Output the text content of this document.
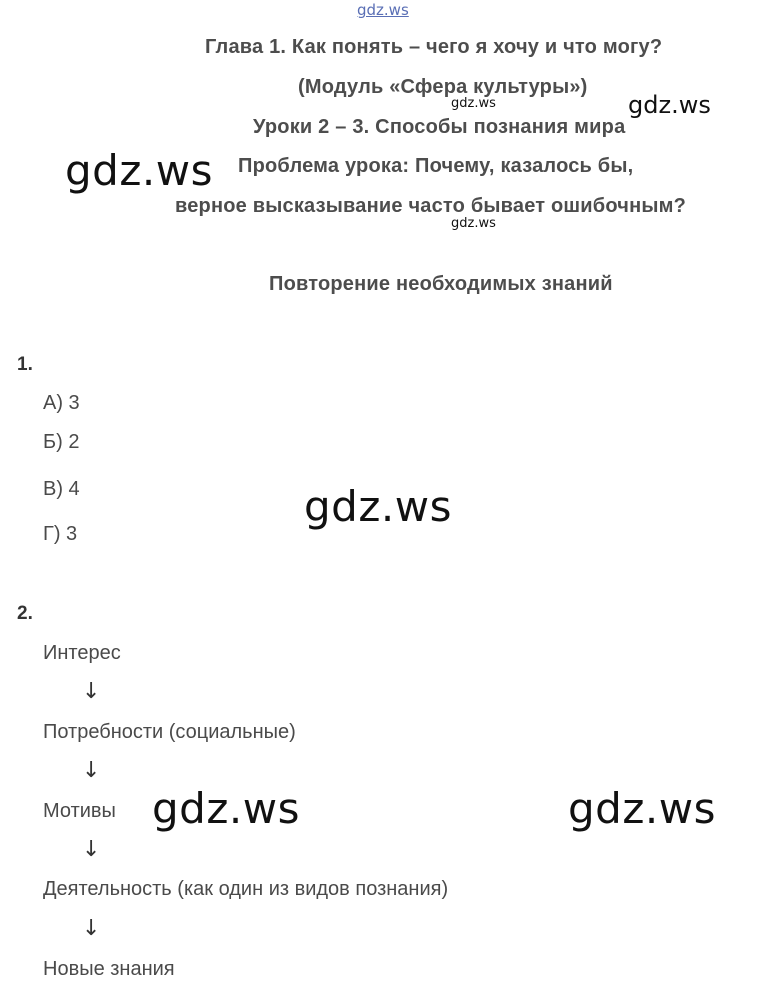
gdz.ws
Глава 1. Как понять – чего я хочу и что могу?
(Модуль «Сфера культуры»)
Уроки 2 – 3. Способы познания мира
Проблема урока: Почему, казалось бы,
верное высказывание часто бывает ошибочным?
Повторение необходимых знаний
gdz.ws	gdz.ws
gdz.ws
gdz.ws
1.
А) 3
Б) 2
В) 4
Г) 3
gdz.ws
2.
Интерес
↓
Потребности (социальные)
↓
Мотивы
↓
Деятельность (как один из видов познания)
↓
Новые знания
gdz.ws	gdz.ws
